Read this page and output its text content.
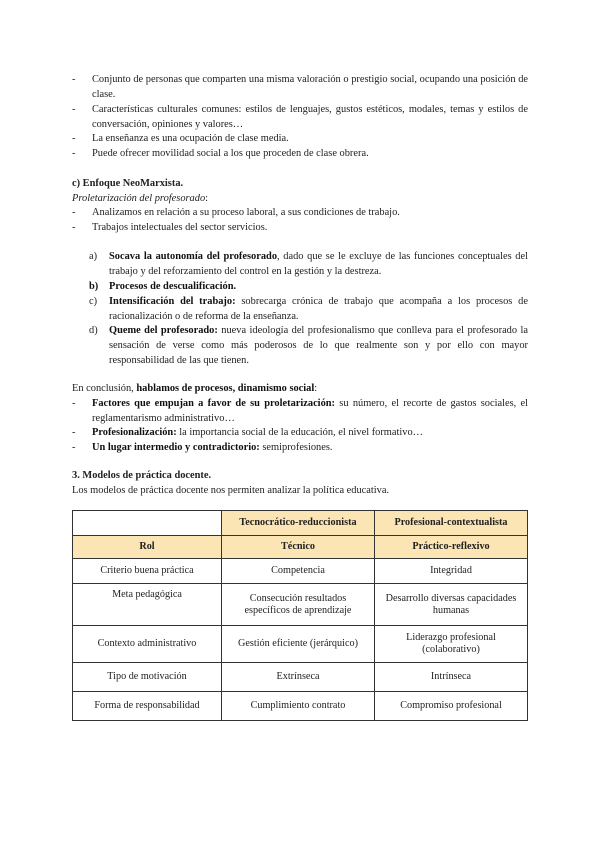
- Conjunto de personas que comparten una misma valoración o prestigio social, ocupando una posición de clase.
- Características culturales comunes: estilos de lenguajes, gustos estéticos, modales, temas y estilos de conversación, opiniones y valores…
- La enseñanza es una ocupación de clase media.
- Puede ofrecer movilidad social a los que proceden de clase obrera.
c) Enfoque NeoMarxista.
Proletarización del profesorado:
- Analizamos en relación a su proceso laboral, a sus condiciones de trabajo.
- Trabajos intelectuales del sector servicios.
a) Socava la autonomía del profesorado, dado que se le excluye de las funciones conceptuales del trabajo y del reforzamiento del control en la gestión y la destreza.
b) Procesos de descualificación.
c) Intensificación del trabajo: sobrecarga crónica de trabajo que acompaña a los procesos de racionalización o de reforma de la enseñanza.
d) Queme del profesorado: nueva ideología del profesionalismo que conlleva para el profesorado la sensación de verse como más poderosos de lo que realmente son y por ello con mayor responsabilidad de las que tienen.
En conclusión, hablamos de procesos, dinamismo social:
- Factores que empujan a favor de su proletarización: su número, el recorte de gastos sociales, el reglamentarismo administrativo…
- Profesionalización: la importancia social de la educación, el nivel formativo…
- Un lugar intermedio y contradictorio: semiprofesiones.
3. Modelos de práctica docente.
Los modelos de práctica docente nos permiten analizar la política educativa.
	Tecnocrático-reduccionista	Profesional-contextualista
Rol	Técnico	Práctico-reflexivo
Criterio buena práctica	Competencia	Integridad
Meta pedagógica	Consecución resultados específicos de aprendizaje	Desarrollo diversas capacidades humanas
Contexto administrativo	Gestión eficiente (jerárquico)	Liderazgo profesional (colaborativo)
Tipo de motivación	Extrínseca	Intrínseca
Forma de responsabilidad	Cumplimiento contrato	Compromiso profesional
